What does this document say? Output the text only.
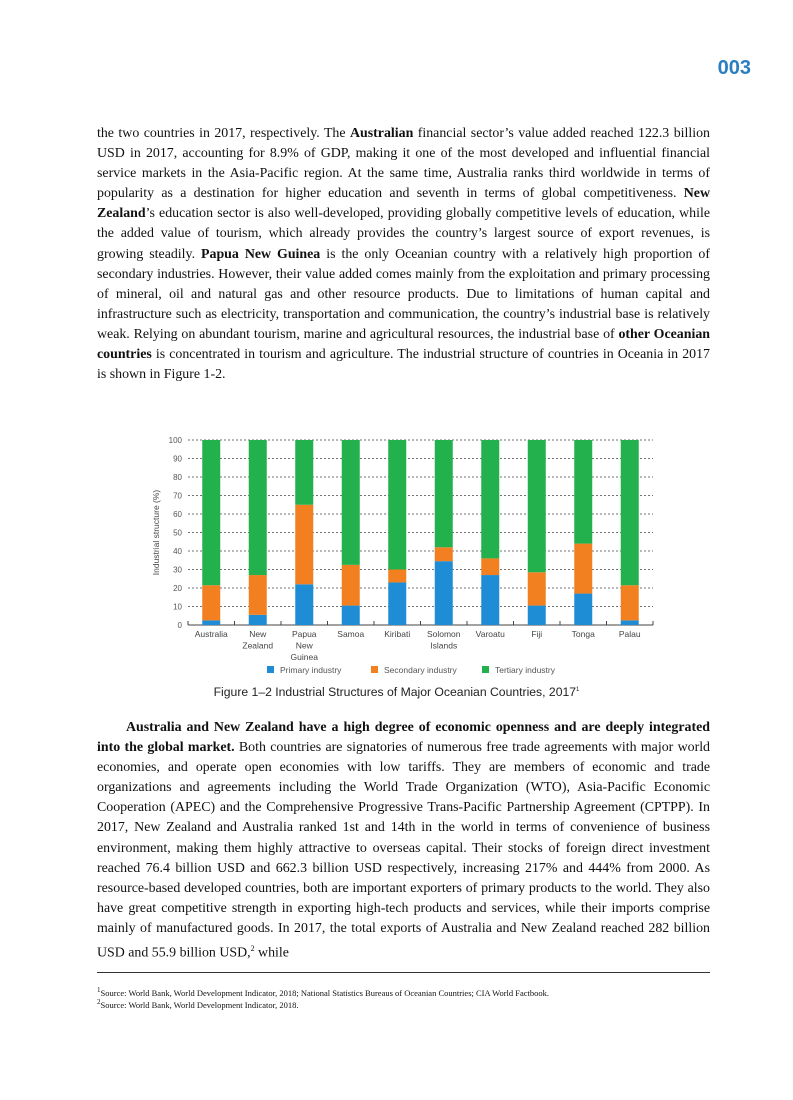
003

the two countries in 2017, respectively. The Australian financial sector’s value added reached 122.3 billion USD in 2017, accounting for 8.9% of GDP, making it one of the most developed and influential financial service markets in the Asia-Pacific region. At the same time, Australia ranks third worldwide in terms of popularity as a destination for higher education and seventh in terms of global competitiveness. New Zealand’s education sector is also well-developed, providing globally competitive levels of education, while the added value of tourism, which already provides the country’s largest source of export revenues, is growing steadily. Papua New Guinea is the only Oceanian country with a relatively high proportion of secondary industries. However, their value added comes mainly from the exploitation and primary processing of mineral, oil and natural gas and other resource products. Due to limitations of human capital and infrastructure such as electricity, transportation and communication, the country’s industrial base is relatively weak. Relying on abundant tourism, marine and agricultural resources, the industrial base of other Oceanian countries is concentrated in tourism and agriculture. The industrial structure of countries in Oceania in 2017 is shown in Figure 1-2.

0
10
20
30
40
50
60
70
80
90
100
Industrial structure (%)
Australia	New
Zealand
Papua
New
Guinea
Samoa Kiribati Solomon
Islands
Varoatu	Fiji	Tonga	Palau
Primary industry	Secondary industry	Tertiary industry
Figure 1–2 Industrial Structures of Major Oceanian Countries, 2017$^1$

Australia and New Zealand have a high degree of economic openness and are deeply integrated into the global market. Both countries are signatories of numerous free trade agreements with major world economies, and operate open economies with low tariffs. They are members of economic and trade organizations and agreements including the World Trade Organization (WTO), Asia-Pacific Economic Cooperation (APEC) and the Comprehensive Progressive Trans-Pacific Partnership Agreement (CPTPP). In 2017, New Zealand and Australia ranked 1st and 14th in the world in terms of convenience of business environment, making them highly attractive to overseas capital. Their stocks of foreign direct investment reached 76.4 billion USD and 662.3 billion USD respectively, increasing 217% and 444% from 2000. As resource-based developed countries, both are important exporters of primary products to the world. They also have great competitive strength in exporting high-tech products and services, while their imports comprise mainly of manufactured goods. In 2017, the total exports of Australia and New Zealand reached 282 billion USD and 55.9 billion USD,$^2$ while

$^1$Source: World Bank, World Development Indicator, 2018; National Statistics Bureaus of Oceanian Countries; CIA World Factbook.
$^2$Source: World Bank, World Development Indicator, 2018.
